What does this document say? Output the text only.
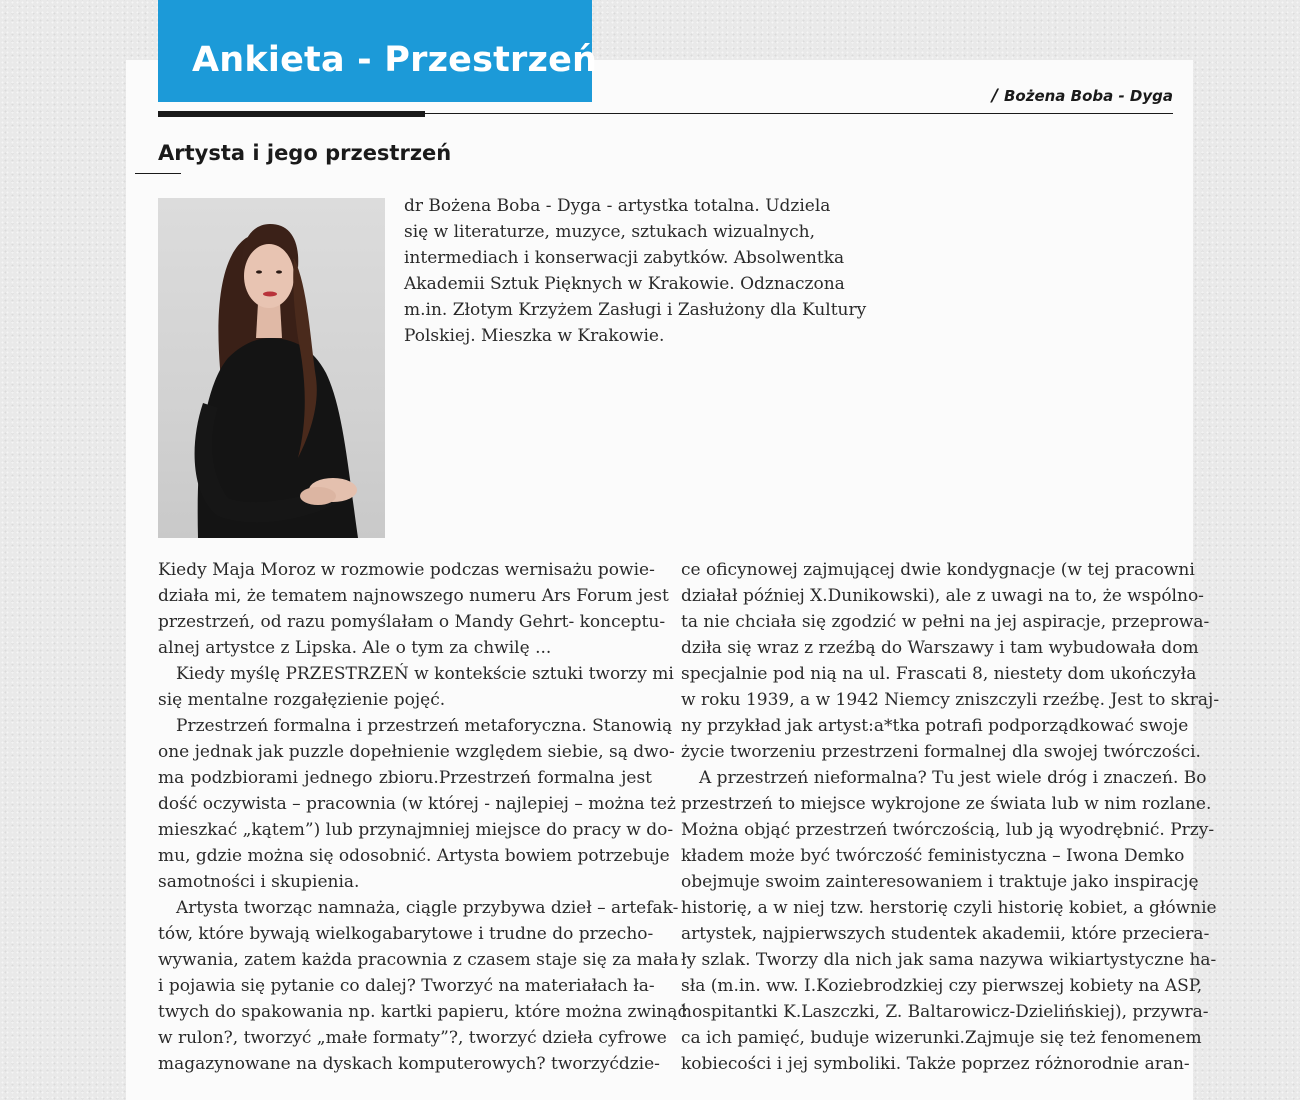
Ankieta - Przestrzeń
/ Bożena Boba - Dyga
Artysta i jego przestrzeń
dr Bożena Boba - Dyga - artystka totalna. Udziela
się w literaturze, muzyce, sztukach wizualnych,
intermediach i konserwacji zabytków. Absolwentka
Akademii Sztuk Pięknych w Krakowie. Odznaczona
m.in. Złotym Krzyżem Zasługi i Zasłużony dla Kultury
Polskiej. Mieszka w Krakowie.
Kiedy Maja Moroz w rozmowie podczas wernisażu powie-
działa mi, że tematem najnowszego numeru Ars Forum jest
przestrzeń, od razu pomyślałam o Mandy Gehrt- konceptu-
alnej artystce z Lipska. Ale o tym za chwilę ...
Kiedy myślę PRZESTRZEŃ w kontekście sztuki tworzy mi
się mentalne rozgałęzienie pojęć.
Przestrzeń formalna i przestrzeń metaforyczna. Stanowią
one jednak jak puzzle dopełnienie względem siebie, są dwo-
ma podzbiorami jednego zbioru.Przestrzeń formalna jest
dość oczywista – pracownia (w której - najlepiej – można też
mieszkać „kątem”) lub przynajmniej miejsce do pracy w do-
mu, gdzie można się odosobnić. Artysta bowiem potrzebuje
samotności i skupienia.
Artysta tworząc namnaża, ciągle przybywa dzieł – artefak-
tów, które bywają wielkogabarytowe i trudne do przecho-
wywania, zatem każda pracownia z czasem staje się za mała
i pojawia się pytanie co dalej? Tworzyć na materiałach ła-
twych do spakowania np. kartki papieru, które można zwinąć
w rulon?, tworzyć „małe formaty”?, tworzyć dzieła cyfrowe
magazynowane na dyskach komputerowych? tworzyćdzie-
ce oficynowej zajmującej dwie kondygnacje (w tej pracowni
działał później X.Dunikowski), ale z uwagi na to, że wspólno-
ta nie chciała się zgodzić w pełni na jej aspiracje, przeprowa-
dziła się wraz z rzeźbą do Warszawy i tam wybudowała dom
specjalnie pod nią na ul. Frascati 8, niestety dom ukończyła
w roku 1939, a w 1942 Niemcy zniszczyli rzeźbę. Jest to skraj-
ny przykład jak artyst:a*tka potrafi podporządkować swoje
życie tworzeniu przestrzeni formalnej dla swojej twórczości.
A przestrzeń nieformalna? Tu jest wiele dróg i znaczeń. Bo
przestrzeń to miejsce wykrojone ze świata lub w nim rozlane.
Można objąć przestrzeń twórczością, lub ją wyodrębnić. Przy-
kładem może być twórczość feministyczna – Iwona Demko
obejmuje swoim zainteresowaniem i traktuje jako inspirację
historię, a w niej tzw. herstorię czyli historię kobiet, a głównie
artystek, najpierwszych studentek akademii, które przeciera-
ły szlak. Tworzy dla nich jak sama nazywa wikiartystyczne ha-
sła (m.in. ww. I.Koziebrodzkiej czy pierwszej kobiety na ASP,
hospitantki K.Laszczki, Z. Baltarowicz-Dzielińskiej), przywra-
ca ich pamięć, buduje wizerunki.Zajmuje się też fenomenem
kobiecości i jej symboliki. Także poprzez różnorodnie aran-
